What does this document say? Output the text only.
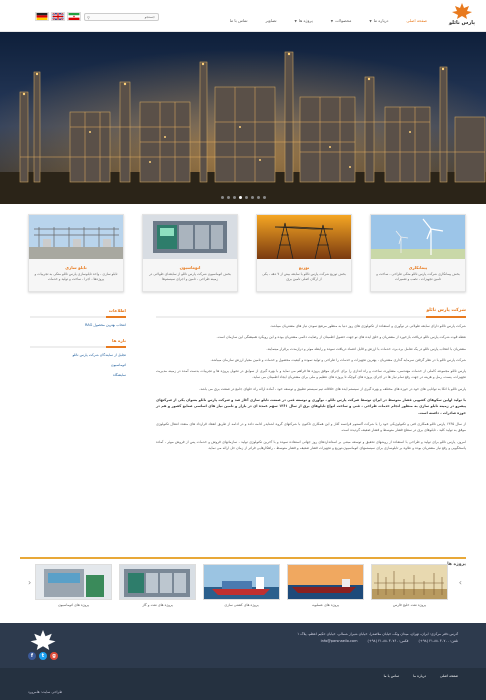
پارس نائلو
صفحه اصلی
درباره ما▼
محصولات▼
پروژه ها▼
تصاویر
تماس با ما
جستجو
⚲
پیمانکاری
بخش پیمانکاری شرکت پارس نائلو متکی طراحی ، ساخت و تامین تجهیزات ، نصب و تعمیرات
توزیع
بخش توزیع شرکت پارس نائلو با سابقه بیش از ۷ دهه ، یکی از ارکان اصلی تامین برق
اتوماسیون
بخش اتوماسیون شرکت پارس نائلو از سابقه‌ای طولانی در زمینه طراحی ، تامین و اجرای سیستم‌ها
تابلو سازی
تابلو سازی ، واحد تابلوسازی پارس نائلو متکی به تجربیات و پروژه‌ها ، اجرا ، ساخت و تولید و خدمات
شرکت پارس نائلو

شرکت پارس نائلو دارای سابقه طولانی در نوآوری و استفاده از تکنولوژی های روز دنیا به منظور مرتفع نمودن نیاز های مشتریان میباشد.

نقطه قوت شرکت پارس نائلو دریافت بازخورد از مشتریان و خلق ایده های نو جهت حصول اطمینان از رضایت دائمی مشتریان بوده و این رویکرد همیشگی این سازمان است.

مشتریان با انتخاب پارس نائلو در یک تعامل برد-برد، خدمات با ارزش و قابل اعتماد دریافت نموده و رابطه موثر و درازمدت برقرار مینمایند.

شرکت پارس نائلو با در نظر گرفتن سرمایه گذاری مشتریان ، بهترین تجهیزات و خدمات را طراحی و تولید نموده و کیفیت محصول و خدمات و تامین معیار ارزش سازمان میباشد.

پارس نائلو مجموعه کاملی از خدمات مهندسی، مشاوره، ساخت و راه اندازی را برای اجرای موفق پروژه ها فراهم می نماید و با بهره گیری از سوابق در تحویل پروژه ها و تجربیات بدست آمده در زمینه مدیریت تجهیزات، پست، رمل و هزینه در جهت رفع تمام نیاز ها در اجرای پروژه های کوچک تا پروژه های عظیم و ملی برای مشتریان ایجاد اطمینان می نماید.

پارس نائلو با اتکا به توانایی های خود در حوزه های مختلف و بهره گیری از سیستم ایده های خلاقانه تیم سیستم تطبیق و توسعه خود ، آماده ارائه راه حلهای جامع در صنعت برق می باشد.

با تولید اولین سکوهای کشویی فشار متوسط در ایران توسط شرکت پارس نائلو ، نوآوری و توسعه فنی در صنعت تابلو سازی آغاز شد و شرکت پارس نائلو بعنوان یکی از شرکتهای پیشرو در زمینه تابلو سازی به منظور انجام خدمات طراحی ، فنی و ساخت انواع تابلوهای برق از سال ۱۳۶۱ سهم عمده ای در بازار و تامین نیاز های اساسی صنایع کشور و هم در حوزه صادرات ، داشته است.

از سال ۱۳۶۵ پارس نائلو همکاری فنی و تکنولوژیکی خود را با شرکت آلستوم فرانسه آغاز و این همکاری تاکنون با شرکتهای گروه اشنایدر ادامه داده و در ادامه از طریق انعقاد قرارداد های متعدد انتقال تکنولوژی موفق به تولید کلید ، تابلوهای برق در سطح فشار متوسط و فشار ضعیف گردیده است.

امروز، پارس نائلو برای تولید و طراحی با استفاده از روشهای تحقیق و توسعه مبتنی بر استانداردهای روز جهانی استفاده نموده و با آخرین تکنولوژی تولید ، سازمانهای فروش و خدمات پس از فروش موثر ، آماده پاسخگویی و رفع نیاز مشتریان بوده و علاوه بر تابلوسازی برای سیستمهای اتوماسیون،توزیع و تجهیزات فشار ضعیف و فشار متوسط ، راهکارهایی فراتر از زمان حل ارائه می نماید.

اطلاعات
انتخاب بهترین محصول RAG
تازه ها
تجلیل از نمایندگان شرکت پارس نائلو
اتوماسیون
نمایشگاه
پروژه ها
›
‹
پروژه نفت خلیج فارس
پروژه های عسلویه
پروژه های کشتی سازی
پروژه های نفت و گاز
پروژه های اتوماسیون
f	t	g
آدرس دفتر مرکزی: ایران، تهران، میدان ونک، خیابان ملاصدرا، خیابان شیراز شمالی، خیابان حکیم اعظم، پلاک ۱
تلفن: ۸۸۰۳۰۷۰۰-۲۱ (۹۸+)
فکس: ۸۸۰۳۰۷۶۰-۲۱ (۹۸+)
info@parsnaeilo.com
صفحه اصلی
درباره ما
تماس با ما
طراحی سایت: هامرورد
